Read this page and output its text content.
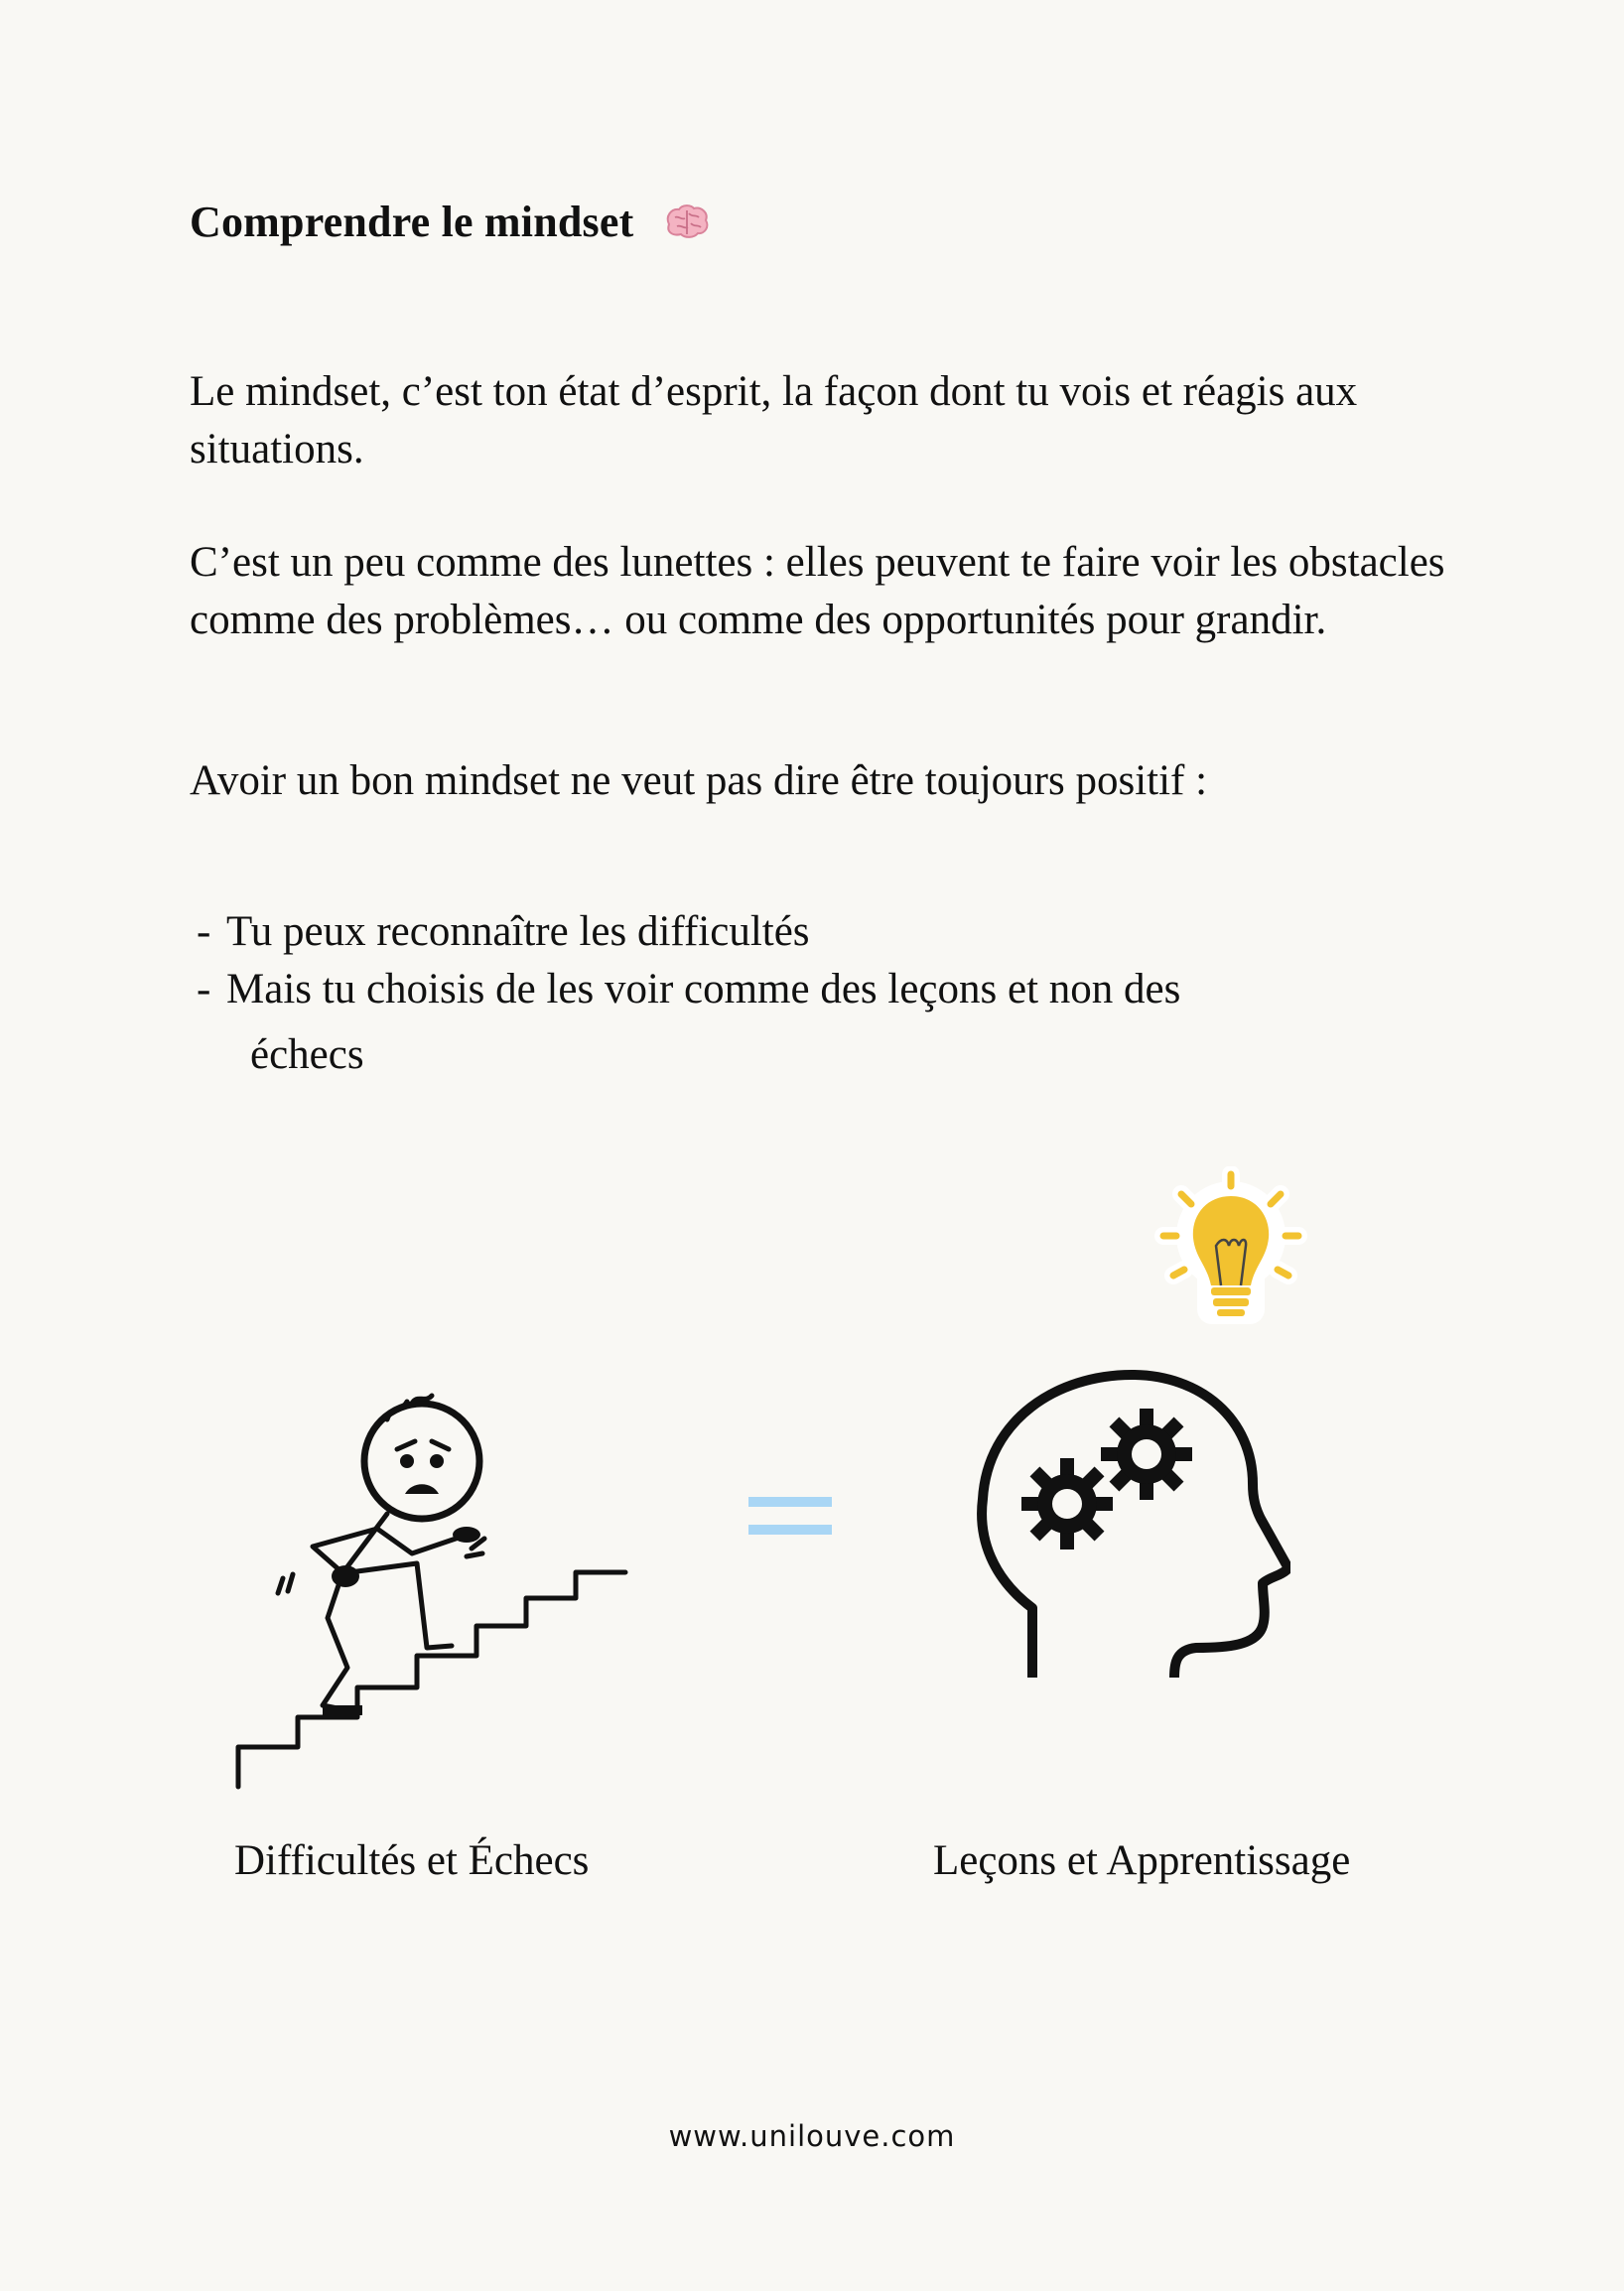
Comprendre le mindset

Le mindset, c’est ton état d’esprit, la façon dont tu vois et réagis aux situations.

C’est un peu comme des lunettes : elles peuvent te faire voir les obstacles comme des problèmes… ou comme des opportunités pour grandir.

Avoir un bon mindset ne veut pas dire être toujours positif :

- Tu peux reconnaître les difficultés
- Mais tu choisis de les voir comme des leçons et non des
échecs
Difficultés et Échecs	Leçons et Apprentissage
www.unilouve.com
